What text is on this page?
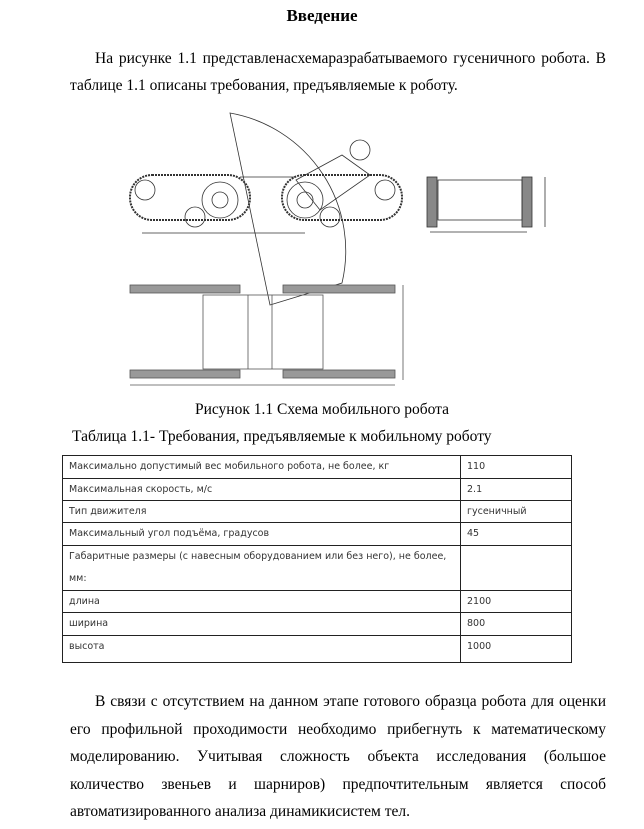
Введение
На рисунке 1.1 представленасхемаразрабатываемого гусеничного робота. В таблице 1.1 описаны требования, предъявляемые к роботу.
Рисунок 1.1 Схема мобильного робота
Таблица 1.1- Требования, предъявляемые к мобильному роботу
Максимально допустимый вес мобильного робота, не более, кг	110
Максимальная скорость, м/с	2.1
Тип движителя	гусеничный
Максимальный угол подъёма, градусов	45
Габаритные размеры (с навесным оборудованием или без него), не более, мм:	
длина	2100
ширина	800
высота	1000
В связи с отсутствием на данном этапе готового образца робота для оценки его профильной проходимости необходимо прибегнуть к математическому моделированию. Учитывая сложность объекта исследования (большое количество звеньев и шарниров) предпочтительным является способ автоматизированного анализа динамикисистем тел.
